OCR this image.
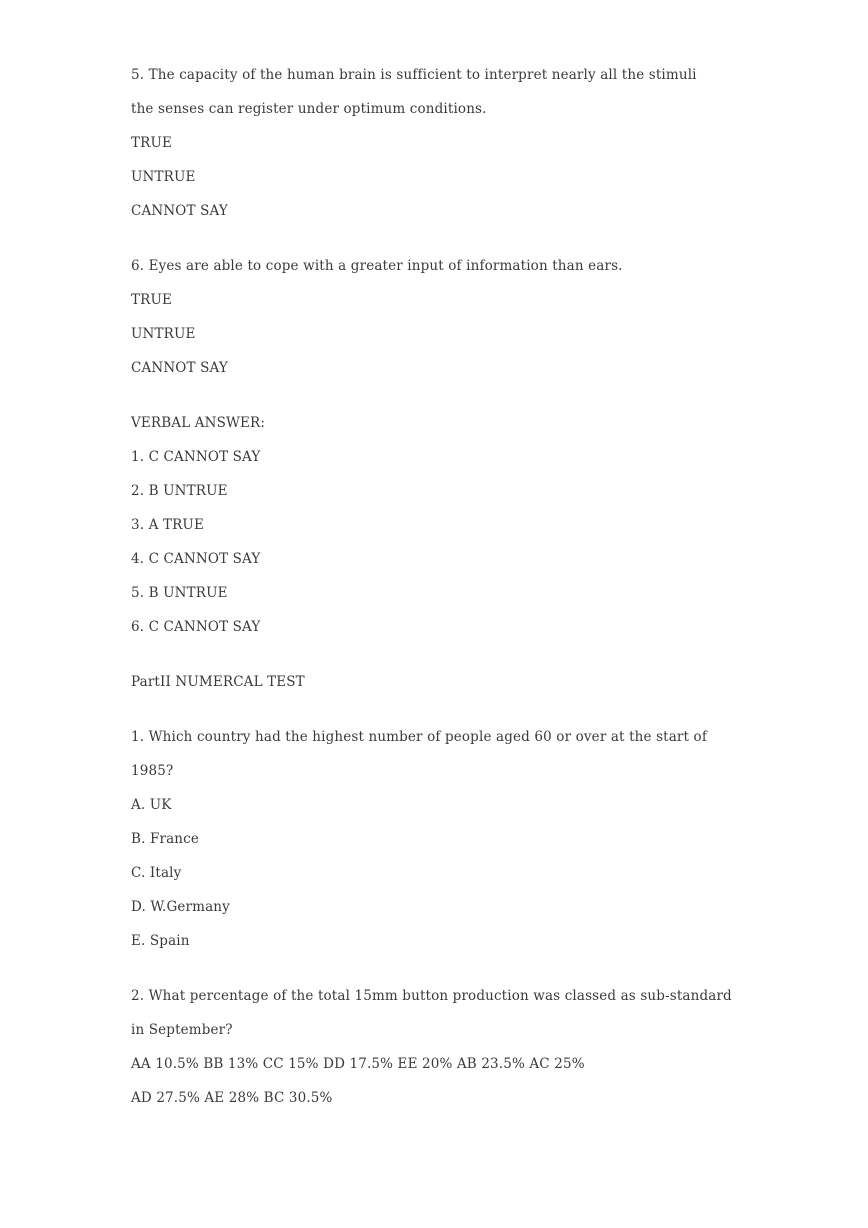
5. The capacity of the human brain is sufficient to interpret nearly all the stimuli
the senses can register under optimum conditions.
TRUE
UNTRUE
CANNOT SAY
6. Eyes are able to cope with a greater input of information than ears.
TRUE
UNTRUE
CANNOT SAY
VERBAL ANSWER:
1. C CANNOT SAY
2. B UNTRUE
3. A TRUE
4. C CANNOT SAY
5. B UNTRUE
6. C CANNOT SAY
PartII NUMERCAL TEST
1. Which country had the highest number of people aged 60 or over at the start of
1985?
A. UK
B. France
C. Italy
D. W.Germany
E. Spain
2. What percentage of the total 15mm button production was classed as sub-standard
in September?
AA 10.5% BB 13% CC 15% DD 17.5% EE 20% AB 23.5% AC 25%
AD 27.5% AE 28% BC 30.5%
